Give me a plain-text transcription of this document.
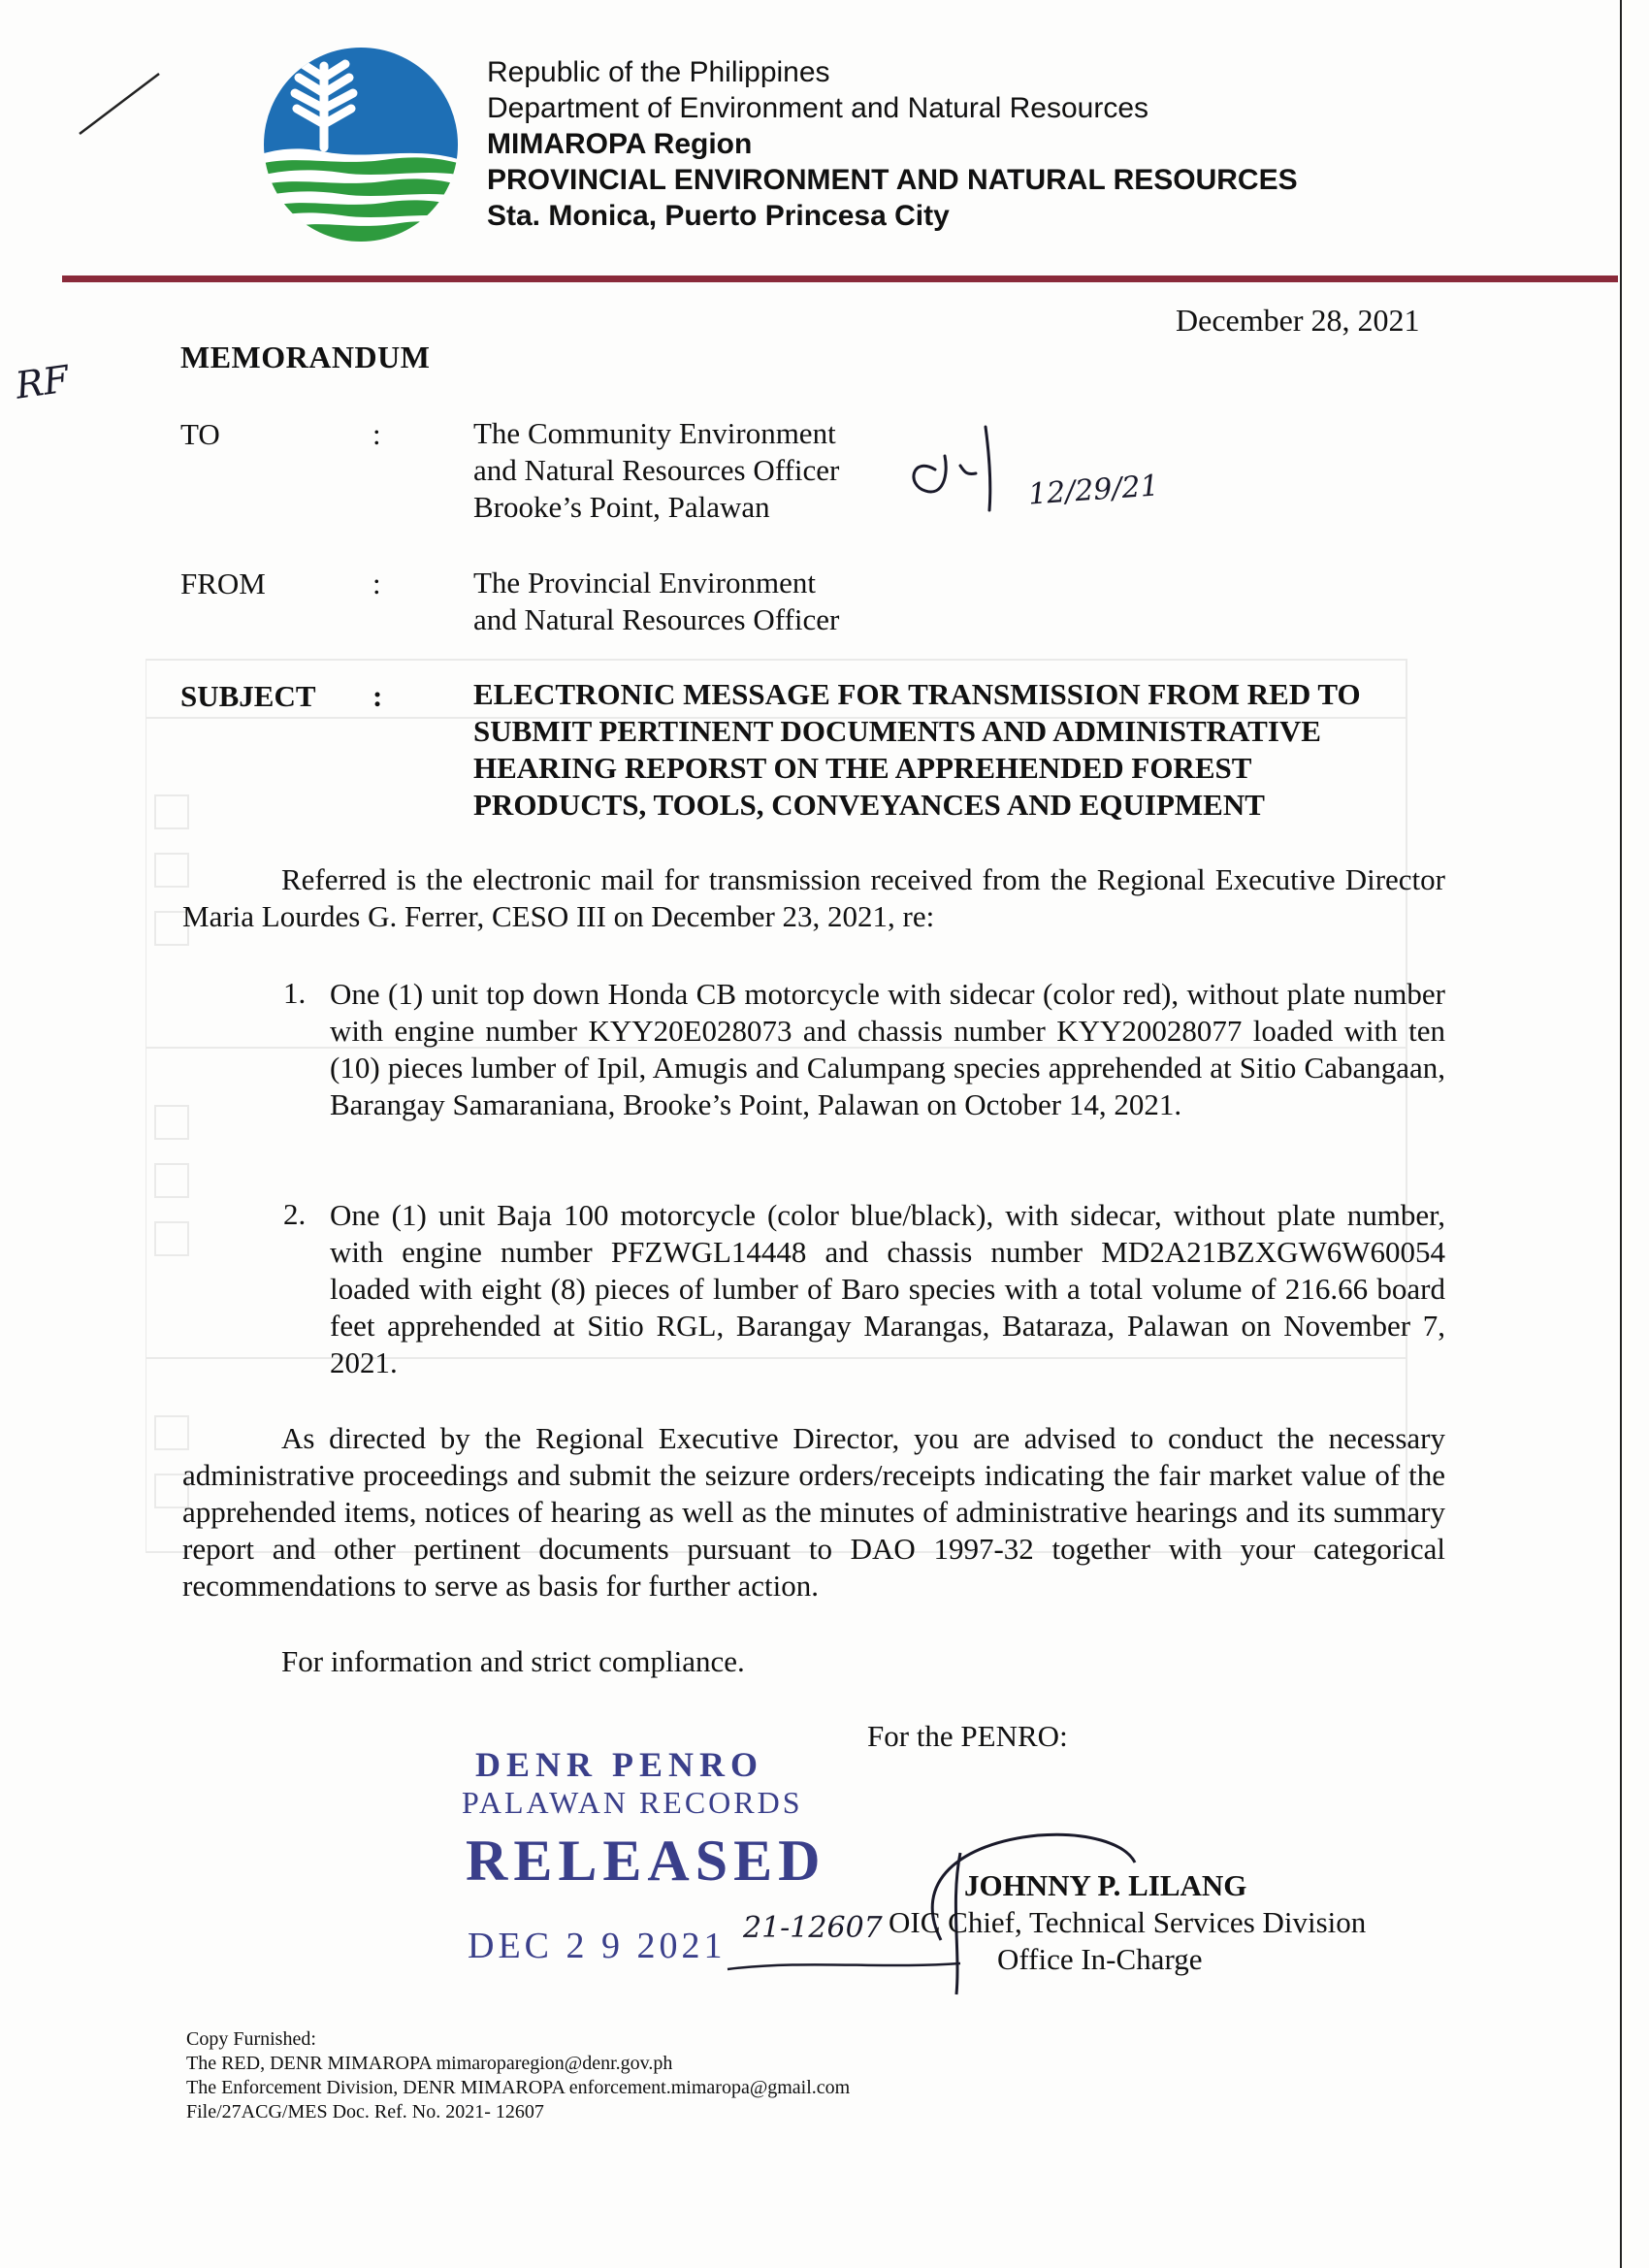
Republic of the Philippines
Department of Environment and Natural Resources
MIMAROPA Region
PROVINCIAL ENVIRONMENT AND NATURAL RESOURCES
Sta. Monica, Puerto Princesa City
RF
December 28, 2021
MEMORANDUM
TO	:	The Community Environment
and Natural Resources Officer
Brooke’s Point, Palawan	12/29/21
FROM	:	The Provincial Environment
and Natural Resources Officer
SUBJECT :	ELECTRONIC MESSAGE FOR TRANSMISSION FROM RED TO
SUBMIT PERTINENT DOCUMENTS AND ADMINISTRATIVE
HEARING REPORST ON THE APPREHENDED FOREST
PRODUCTS, TOOLS, CONVEYANCES AND EQUIPMENT
Referred is the electronic mail for transmission received from the Regional Executive Director Maria Lourdes G. Ferrer, CESO III on December 23, 2021, re:
1. One (1) unit top down Honda CB motorcycle with sidecar (color red), without plate number with engine number KYY20E028073 and chassis number KYY20028077 loaded with ten (10) pieces lumber of Ipil, Amugis and Calumpang species apprehended at Sitio Cabangaan, Barangay Samaraniana, Brooke’s Point, Palawan on October 14, 2021.
2. One (1) unit Baja 100 motorcycle (color blue/black), with sidecar, without plate number, with engine number PFZWGL14448 and chassis number MD2A21BZXGW6W60054 loaded with eight (8) pieces of lumber of Baro species with a total volume of 216.66 board feet apprehended at Sitio RGL, Barangay Marangas, Bataraza, Palawan on November 7, 2021.
As directed by the Regional Executive Director, you are advised to conduct the necessary administrative proceedings and submit the seizure orders/receipts indicating the fair market value of the apprehended items, notices of hearing as well as the minutes of administrative hearings and its summary report and other pertinent documents pursuant to DAO 1997-32 together with your categorical recommendations to serve as basis for further action.
For information and strict compliance.
For the PENRO:
DENR PENRO
PALAWAN RECORDS
RELEASED
DEC 2 9 2021 21-12607
JOHNNY P. LILANG
OIC Chief, Technical Services Division
Office In-Charge
Copy Furnished:
The RED, DENR MIMAROPA mimaroparegion@denr.gov.ph
The Enforcement Division, DENR MIMAROPA enforcement.mimaropa@gmail.com
File/27ACG/MES Doc. Ref. No. 2021- 12607
